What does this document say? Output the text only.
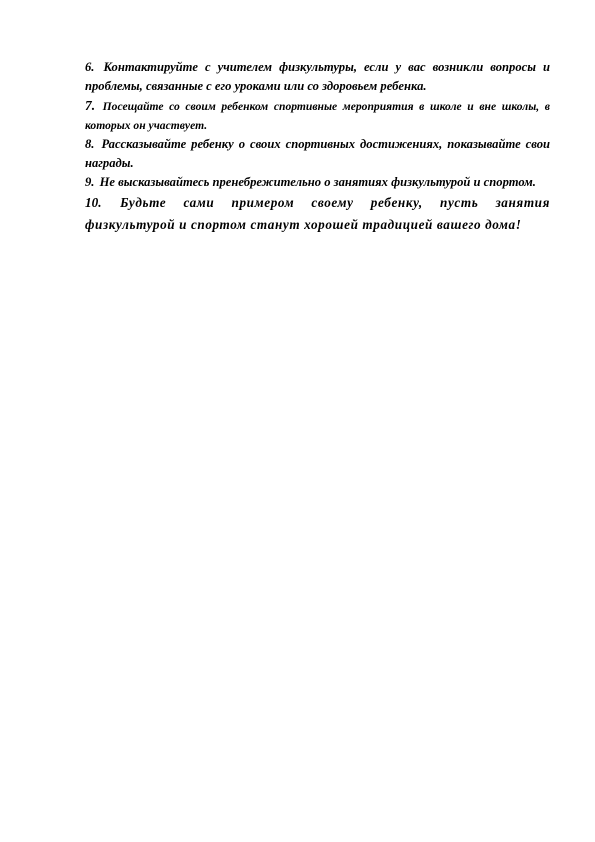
6. Контактируйте с учителем физкультуры, если у вас возникли вопросы и проблемы, связанные с его уроками или со здоровьем ребенка.

7. Посещайте со своим ребенком спортивные мероприятия в школе и вне школы, в которых он участвует.

8. Рассказывайте ребенку о своих спортивных достижениях, показывайте свои награды.

9. Не высказывайтесь пренебрежительно о занятиях физкультурой и спортом.

10. Будьте сами примером своему ребенку, пусть занятия физкультурой и спортом станут хорошей традицией вашего дома!
